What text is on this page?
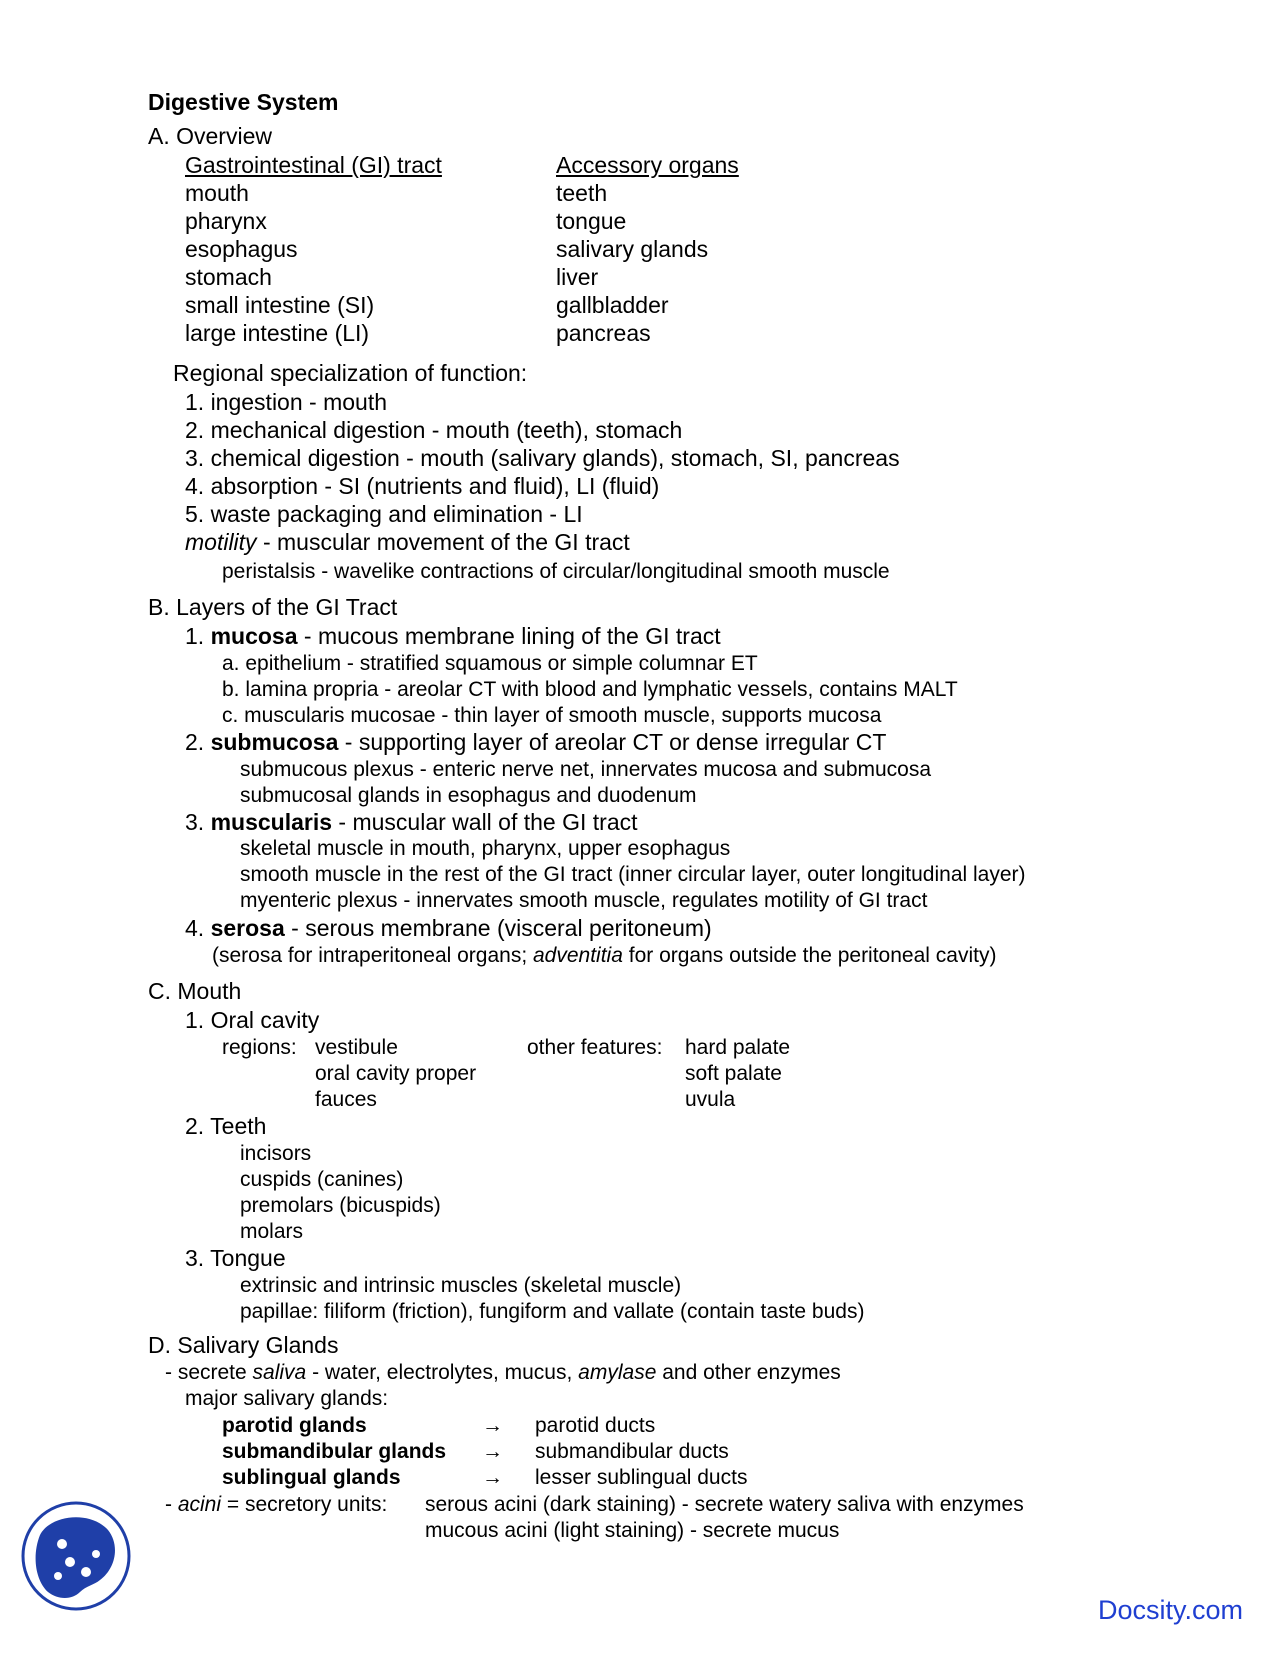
Digestive System
A. Overview
Gastrointestinal (GI) tract	Accessory organs
mouth
pharynx
esophagus
stomach
small intestine (SI)
large intestine (LI)
teeth
tongue
salivary glands
liver
gallbladder
pancreas
Regional specialization of function:
1. ingestion - mouth
2. mechanical digestion - mouth (teeth), stomach
3. chemical digestion - mouth (salivary glands), stomach, SI, pancreas
4. absorption - SI (nutrients and fluid), LI (fluid)
5. waste packaging and elimination - LI
motility - muscular movement of the GI tract
peristalsis - wavelike contractions of circular/longitudinal smooth muscle
B. Layers of the GI Tract
1. mucosa - mucous membrane lining of the GI tract
a. epithelium - stratified squamous or simple columnar ET
b. lamina propria - areolar CT with blood and lymphatic vessels, contains MALT
c. muscularis mucosae - thin layer of smooth muscle, supports mucosa
2. submucosa - supporting layer of areolar CT or dense irregular CT
submucous plexus - enteric nerve net, innervates mucosa and submucosa
submucosal glands in esophagus and duodenum
3. muscularis - muscular wall of the GI tract
skeletal muscle in mouth, pharynx, upper esophagus
smooth muscle in the rest of the GI tract (inner circular layer, outer longitudinal layer)
myenteric plexus - innervates smooth muscle, regulates motility of GI tract
4. serosa - serous membrane (visceral peritoneum)
(serosa for intraperitoneal organs; adventitia for organs outside the peritoneal cavity)
C. Mouth
1. Oral cavity
regions: vestibule
oral cavity proper
fauces
other features: hard palate
soft palate
uvula
2. Teeth
incisors
cuspids (canines)
premolars (bicuspids)
molars
3. Tongue
extrinsic and intrinsic muscles (skeletal muscle)
papillae: filiform (friction), fungiform and vallate (contain taste buds)
D. Salivary Glands
- secrete saliva - water, electrolytes, mucus, amylase and other enzymes
major salivary glands:
parotid glands
submandibular glands
sublingual glands
→
→
→
parotid ducts
submandibular ducts
lesser sublingual ducts
- acini = secretory units: serous acini (dark staining) - secrete watery saliva with enzymes
mucous acini (light staining) - secrete mucus
Docsity.com
